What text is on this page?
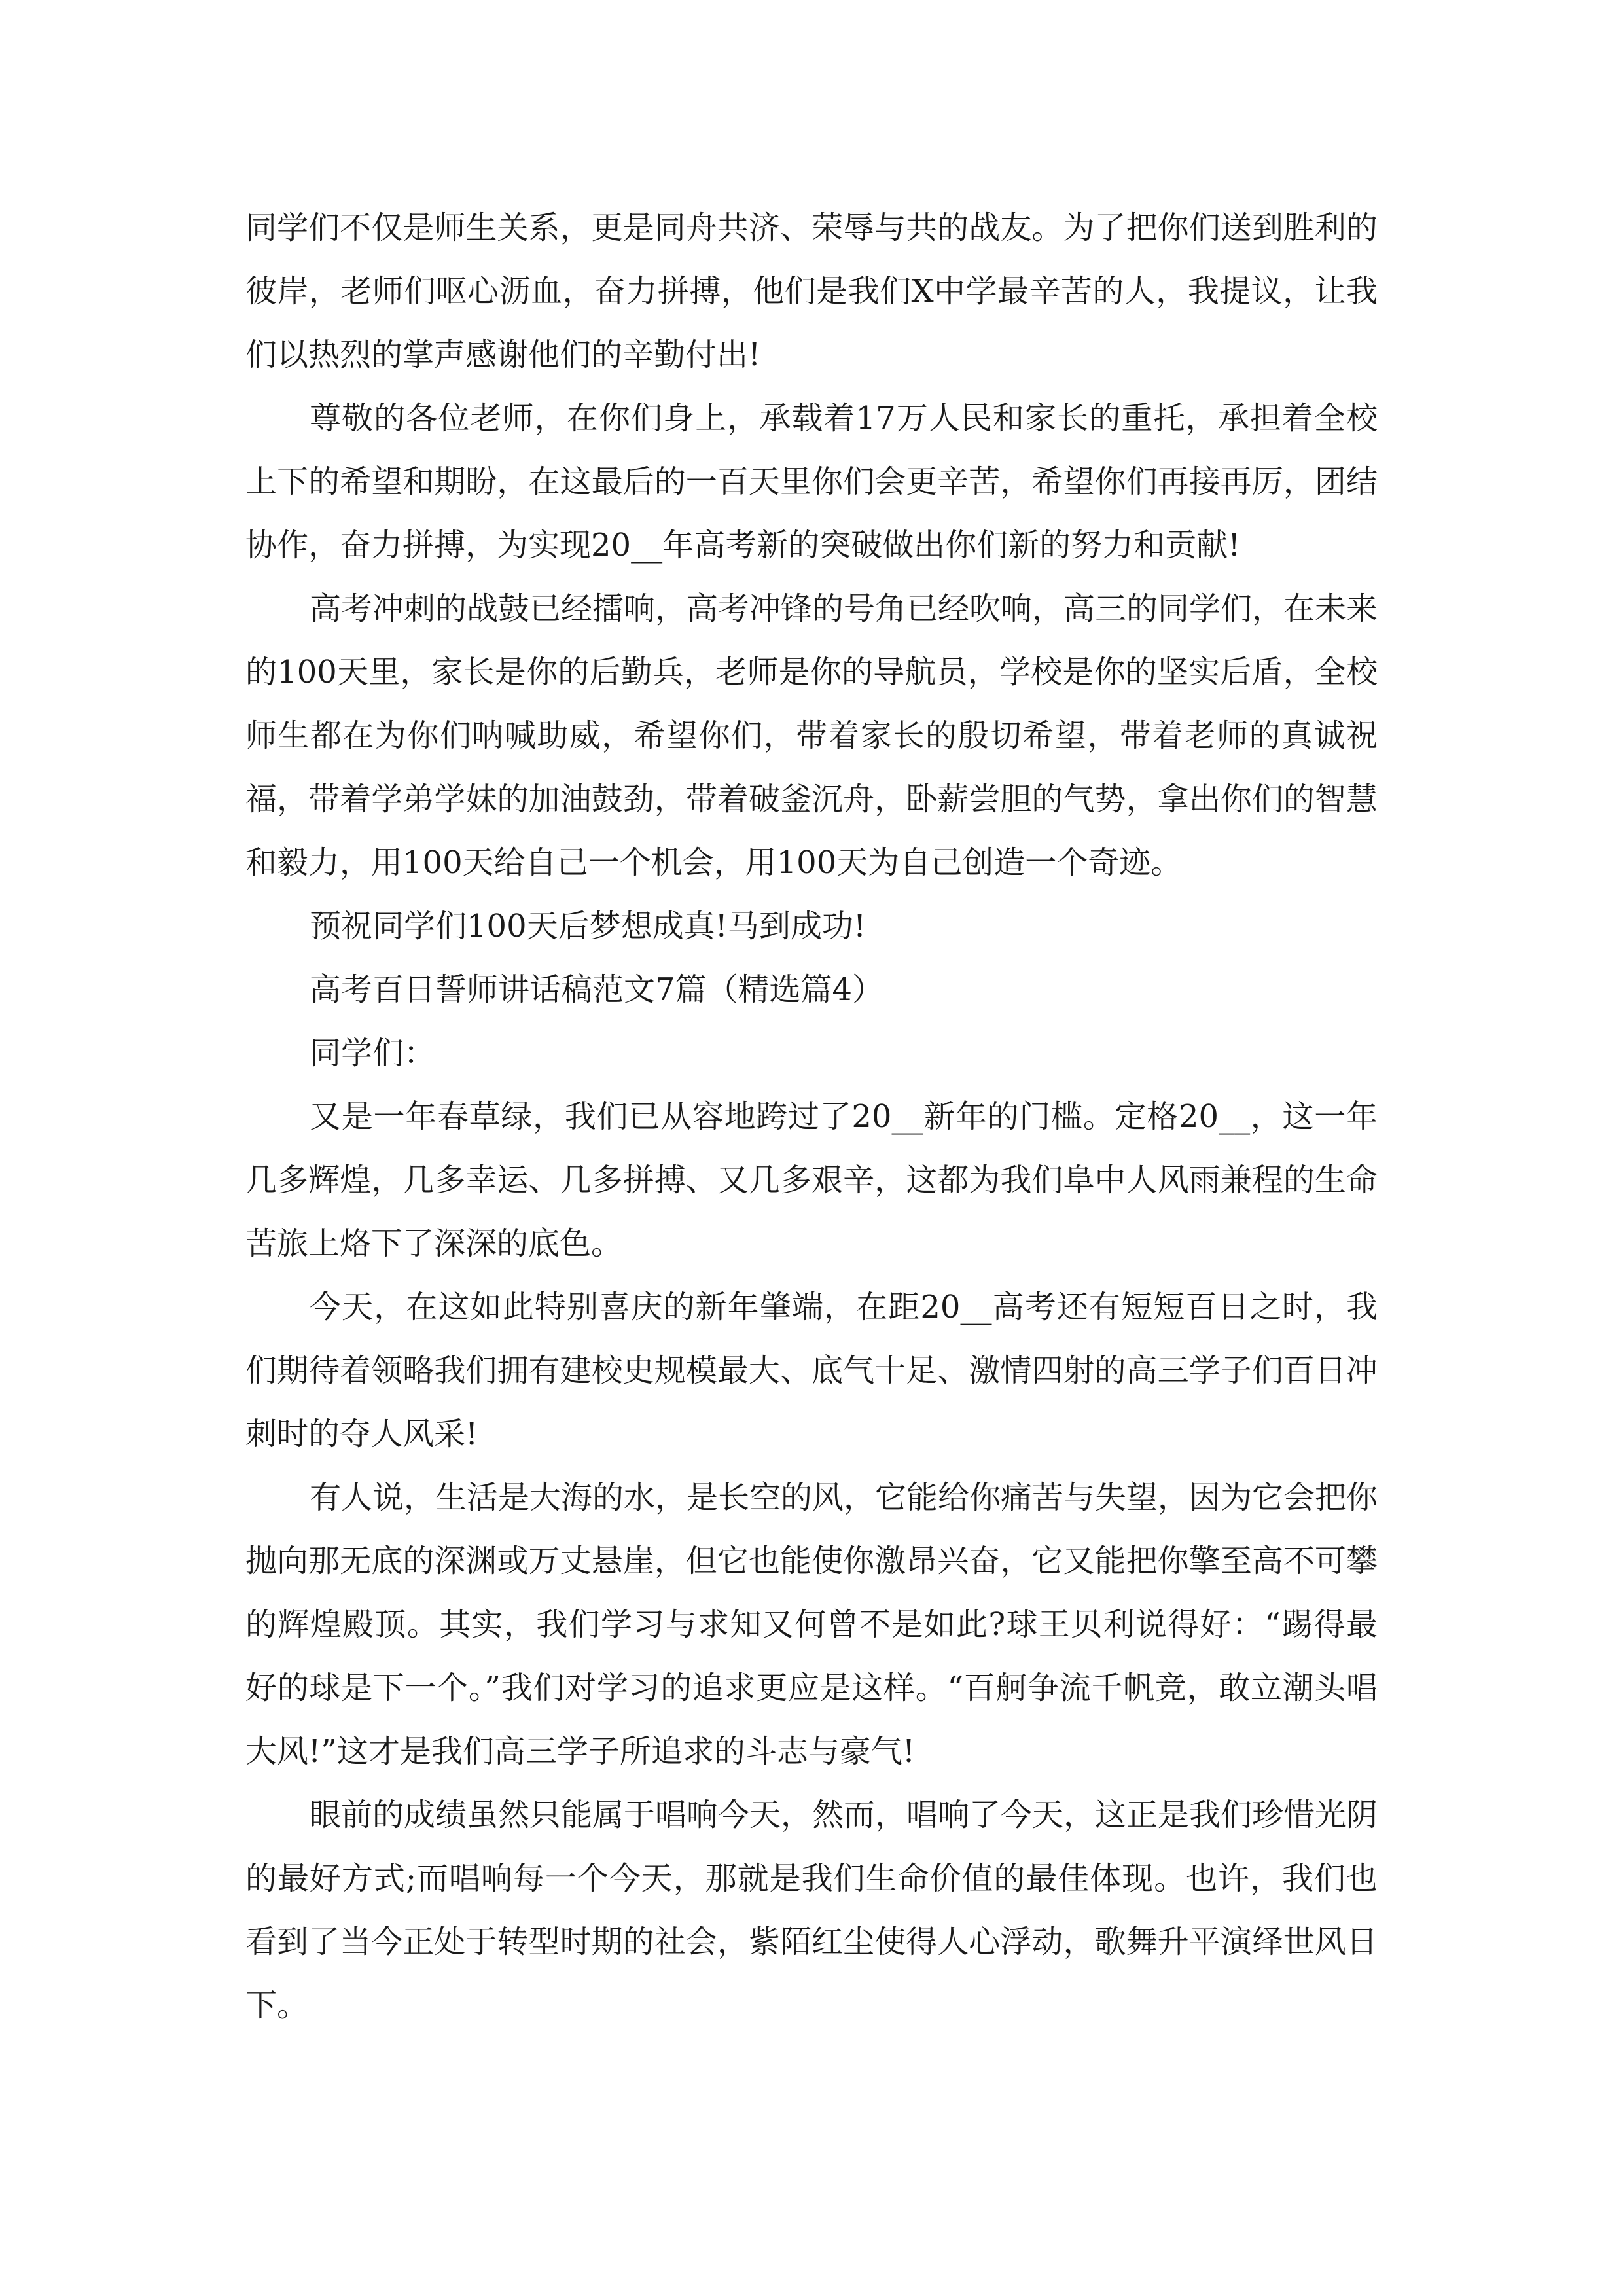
同学们不仅是师生关系，更是同舟共济、荣辱与共的战友。为了把你们送到胜利的彼岸，老师们呕心沥血，奋力拼搏，他们是我们X中学最辛苦的人，我提议，让我们以热烈的掌声感谢他们的辛勤付出!

尊敬的各位老师，在你们身上，承载着17万人民和家长的重托，承担着全校上下的希望和期盼，在这最后的一百天里你们会更辛苦，希望你们再接再厉，团结协作，奋力拼搏，为实现20__年高考新的突破做出你们新的努力和贡献!

高考冲刺的战鼓已经擂响，高考冲锋的号角已经吹响，高三的同学们，在未来的100天里，家长是你的后勤兵，老师是你的导航员，学校是你的坚实后盾，全校师生都在为你们呐喊助威，希望你们，带着家长的殷切希望，带着老师的真诚祝福，带着学弟学妹的加油鼓劲，带着破釜沉舟，卧薪尝胆的气势，拿出你们的智慧和毅力，用100天给自己一个机会，用100天为自己创造一个奇迹。

预祝同学们100天后梦想成真!马到成功!

高考百日誓师讲话稿范文7篇（精选篇4）

同学们：

又是一年春草绿，我们已从容地跨过了20__新年的门槛。定格20__，这一年几多辉煌，几多幸运、几多拼搏、又几多艰辛，这都为我们阜中人风雨兼程的生命苦旅上烙下了深深的底色。

今天，在这如此特别喜庆的新年肇端，在距20__高考还有短短百日之时，我们期待着领略我们拥有建校史规模最大、底气十足、激情四射的高三学子们百日冲刺时的夺人风采!

有人说，生活是大海的水，是长空的风，它能给你痛苦与失望，因为它会把你抛向那无底的深渊或万丈悬崖，但它也能使你激昂兴奋，它又能把你擎至高不可攀的辉煌殿顶。其实，我们学习与求知又何曾不是如此?球王贝利说得好：“踢得最好的球是下一个。”我们对学习的追求更应是这样。“百舸争流千帆竞，敢立潮头唱大风!”这才是我们高三学子所追求的斗志与豪气!

眼前的成绩虽然只能属于唱响今天，然而，唱响了今天，这正是我们珍惜光阴的最好方式;而唱响每一个今天，那就是我们生命价值的最佳体现。也许，我们也看到了当今正处于转型时期的社会，紫陌红尘使得人心浮动，歌舞升平演绎世风日下。
